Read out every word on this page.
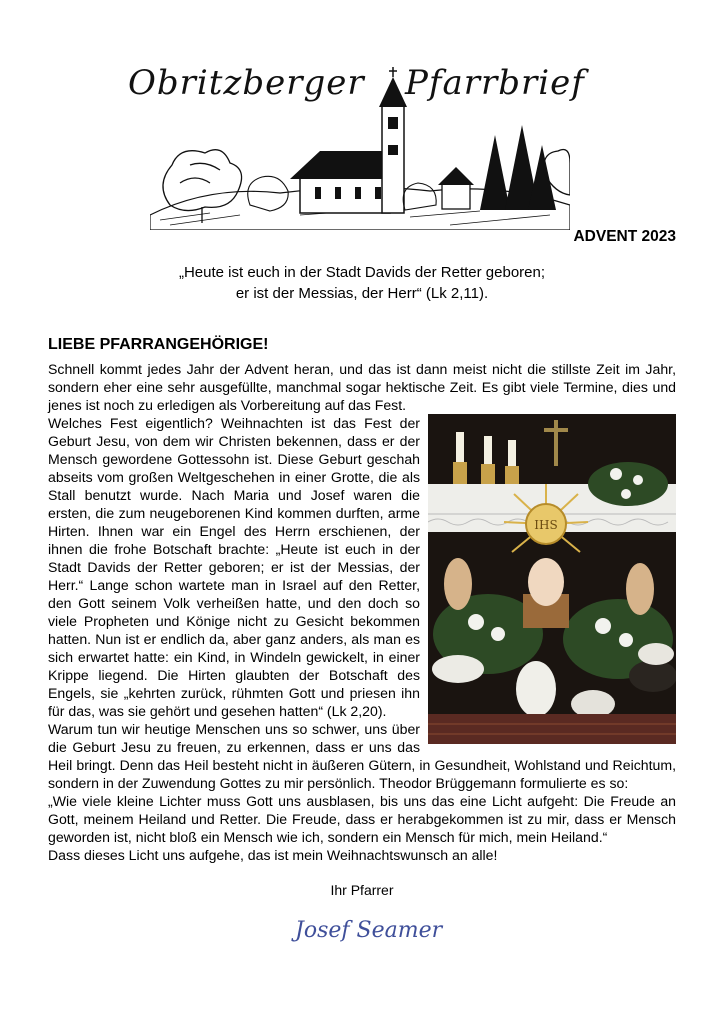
Obritzberger Pfarrbrief
ADVENT 2023
„Heute ist euch in der Stadt Davids der Retter geboren;
er ist der Messias, der Herr“ (Lk 2,11).
LIEBE PFARRANGEHÖRIGE!

Schnell kommt jedes Jahr der Advent heran, und das ist dann meist nicht die stillste Zeit im Jahr, sondern eher eine sehr ausgefüllte, manchmal sogar hektische Zeit. Es gibt viele Termine, dies und jenes ist noch zu erledigen als Vorbereitung auf das Fest.

IHS

Welches Fest eigentlich? Weihnachten ist das Fest der Geburt Jesu, von dem wir Christen bekennen, dass er der Mensch gewordene Gottessohn ist. Diese Geburt geschah abseits vom großen Weltgeschehen in einer Grotte, die als Stall benutzt wurde. Nach Maria und Josef waren die ersten, die zum neugeborenen Kind kommen durften, arme Hirten. Ihnen war ein Engel des Herrn erschienen, der ihnen die frohe Botschaft brachte: „Heute ist euch in der Stadt Davids der Retter geboren; er ist der Messias, der Herr.“ Lange schon wartete man in Israel auf den Retter, den Gott seinem Volk verheißen hatte, und den doch so viele Propheten und Könige nicht zu Gesicht bekommen hatten. Nun ist er endlich da, aber ganz anders, als man es sich erwartet hatte: ein Kind, in Windeln gewickelt, in einer Krippe liegend. Die Hirten glaubten der Botschaft des Engels, sie „kehrten zurück, rühmten Gott und priesen ihn für das, was sie gehört und gesehen hatten“ (Lk 2,20).

Warum tun wir heutige Menschen uns so schwer, uns über die Geburt Jesu zu freuen, zu erkennen, dass er uns das Heil bringt. Denn das Heil besteht nicht in äußeren Gütern, in Gesundheit, Wohlstand und Reichtum, sondern in der Zuwendung Gottes zu mir persönlich. Theodor Brüggemann formulierte es so:

„Wie viele kleine Lichter muss Gott uns ausblasen, bis uns das eine Licht aufgeht: Die Freude an Gott, meinem Heiland und Retter. Die Freude, dass er herabgekommen ist zu mir, dass er Mensch geworden ist, nicht bloß ein Mensch wie ich, sondern ein Mensch für mich, mein Heiland.“

Dass dieses Licht uns aufgehe, das ist mein Weihnachtswunsch an alle!

Ihr Pfarrer
Josef Seamer
